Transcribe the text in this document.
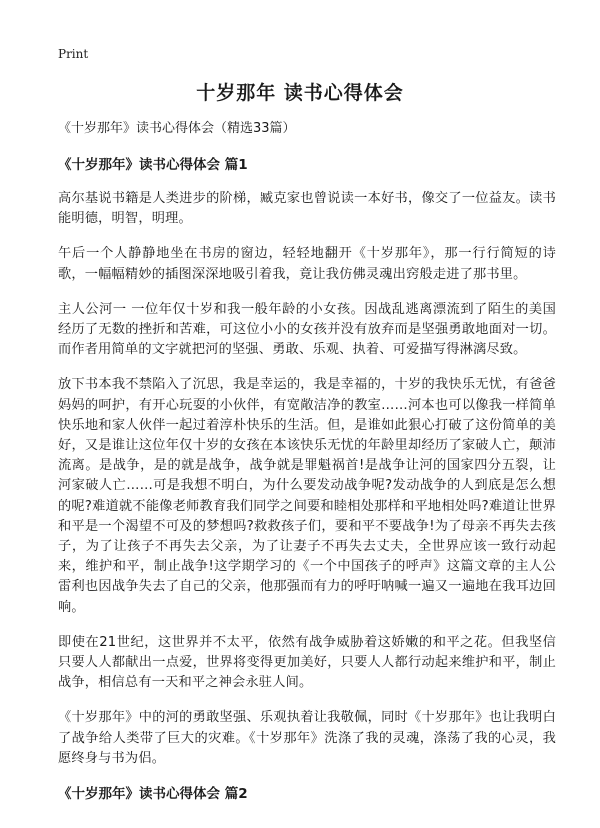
Print
十岁那年 读书心得体会

《十岁那年》读书心得体会（精选33篇）

《十岁那年》读书心得体会 篇1

高尔基说书籍是人类进步的阶梯，臧克家也曾说读一本好书，像交了一位益友。读书能明德，明智，明理。

午后一个人静静地坐在书房的窗边，轻轻地翻开《十岁那年》，那一行行简短的诗歌，一幅幅精妙的插图深深地吸引着我，竟让我仿佛灵魂出窍般走进了那书里。

主人公河一 一位年仅十岁和我一般年龄的小女孩。因战乱逃离漂流到了陌生的美国经历了无数的挫折和苦难，可这位小小的女孩并没有放弃而是坚强勇敢地面对一切。而作者用简单的文字就把河的坚强、勇敢、乐观、执着、可爱描写得淋漓尽致。

放下书本我不禁陷入了沉思，我是幸运的，我是幸福的，十岁的我快乐无忧，有爸爸妈妈的呵护，有开心玩耍的小伙伴，有宽敞洁净的教室……河本也可以像我一样简单快乐地和家人伙伴一起过着淳朴快乐的生活。但，是谁如此狠心打破了这份简单的美好，又是谁让这位年仅十岁的女孩在本该快乐无忧的年龄里却经历了家破人亡，颠沛流离。是战争，是的就是战争，战争就是罪魁祸首!是战争让河的国家四分五裂，让河家破人亡……可是我想不明白，为什么要发动战争呢?发动战争的人到底是怎么想的呢?难道就不能像老师教育我们同学之间要和睦相处那样和平地相处吗?难道让世界和平是一个渴望不可及的梦想吗?救救孩子们，要和平不要战争!为了母亲不再失去孩子，为了让孩子不再失去父亲，为了让妻子不再失去丈夫，全世界应该一致行动起来，维护和平，制止战争!这学期学习的《一个中国孩子的呼声》这篇文章的主人公雷利也因战争失去了自己的父亲，他那强而有力的呼吁呐喊一遍又一遍地在我耳边回响。

即使在21世纪，这世界并不太平，依然有战争威胁着这娇嫩的和平之花。但我坚信只要人人都献出一点爱，世界将变得更加美好，只要人人都行动起来维护和平，制止战争，相信总有一天和平之神会永驻人间。

《十岁那年》中的河的勇敢坚强、乐观执着让我敬佩，同时《十岁那年》也让我明白了战争给人类带了巨大的灾难。《十岁那年》洗涤了我的灵魂，涤荡了我的心灵，我愿终身与书为侣。

《十岁那年》读书心得体会 篇2
